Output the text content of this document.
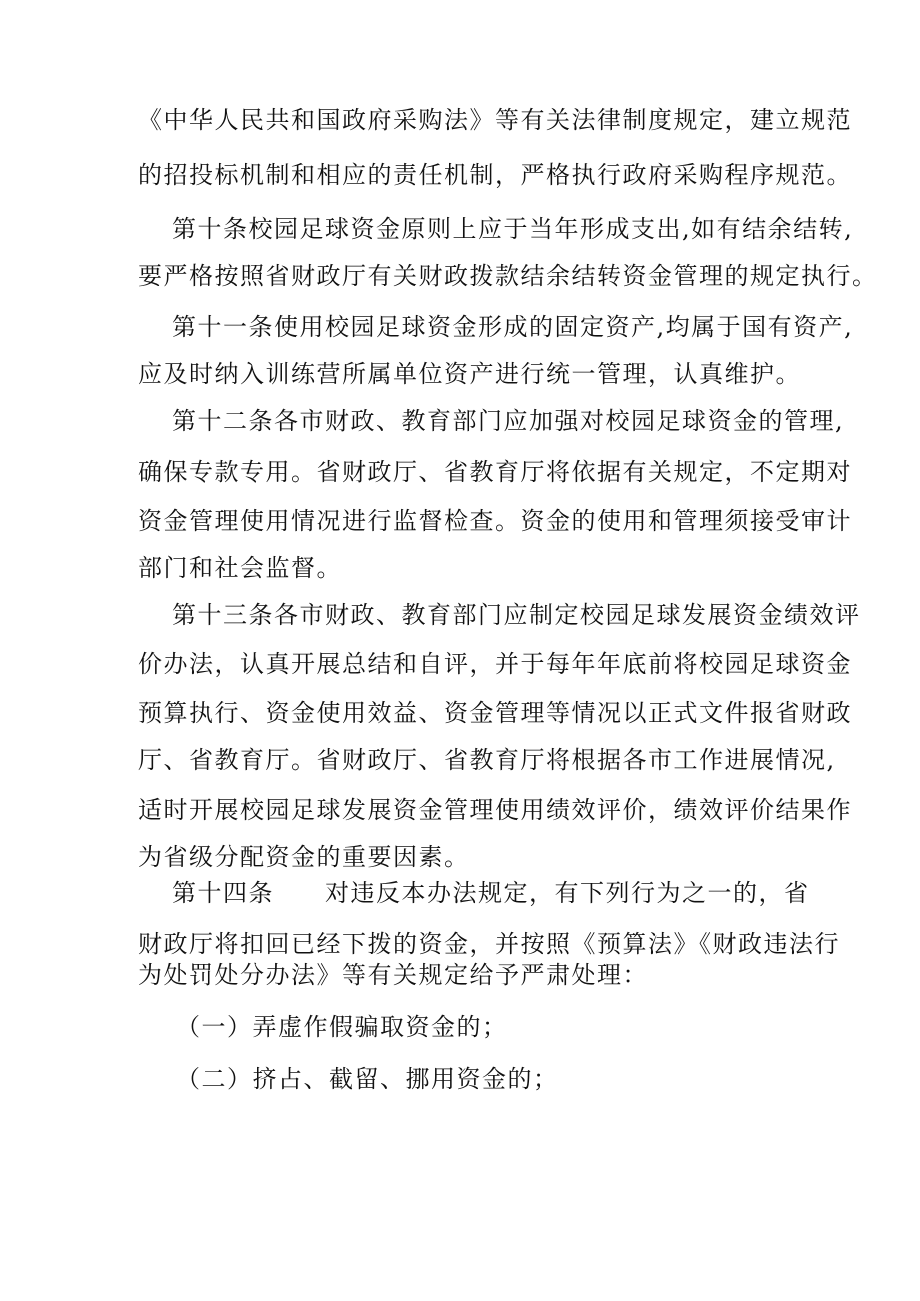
《中华人民共和国政府采购法》等有关法律制度规定，建立规范
的招投标机制和相应的责任机制，严格执行政府采购程序规范。
第十条校园足球资金原则上应于当年形成支出,如有结余结转,
要严格按照省财政厅有关财政拨款结余结转资金管理的规定执行。
第十一条使用校园足球资金形成的固定资产,均属于国有资产,
应及时纳入训练营所属单位资产进行统一管理，认真维护。
第十二条各市财政、教育部门应加强对校园足球资金的管理,
确保专款专用。省财政厅、省教育厅将依据有关规定，不定期对
资金管理使用情况进行监督检查。资金的使用和管理须接受审计
部门和社会监督。
第十三条各市财政、教育部门应制定校园足球发展资金绩效评
价办法，认真开展总结和自评，并于每年年底前将校园足球资金
预算执行、资金使用效益、资金管理等情况以正式文件报省财政
厅、省教育厅。省财政厅、省教育厅将根据各市工作进展情况,
适时开展校园足球发展资金管理使用绩效评价，绩效评价结果作
为省级分配资金的重要因素。
第十四条　　对违反本办法规定，有下列行为之一的，省
财政厅将扣回已经下拨的资金，并按照《预算法》《财政违法行
为处罚处分办法》等有关规定给予严肃处理：
（一）弄虚作假骗取资金的；
（二）挤占、截留、挪用资金的；
